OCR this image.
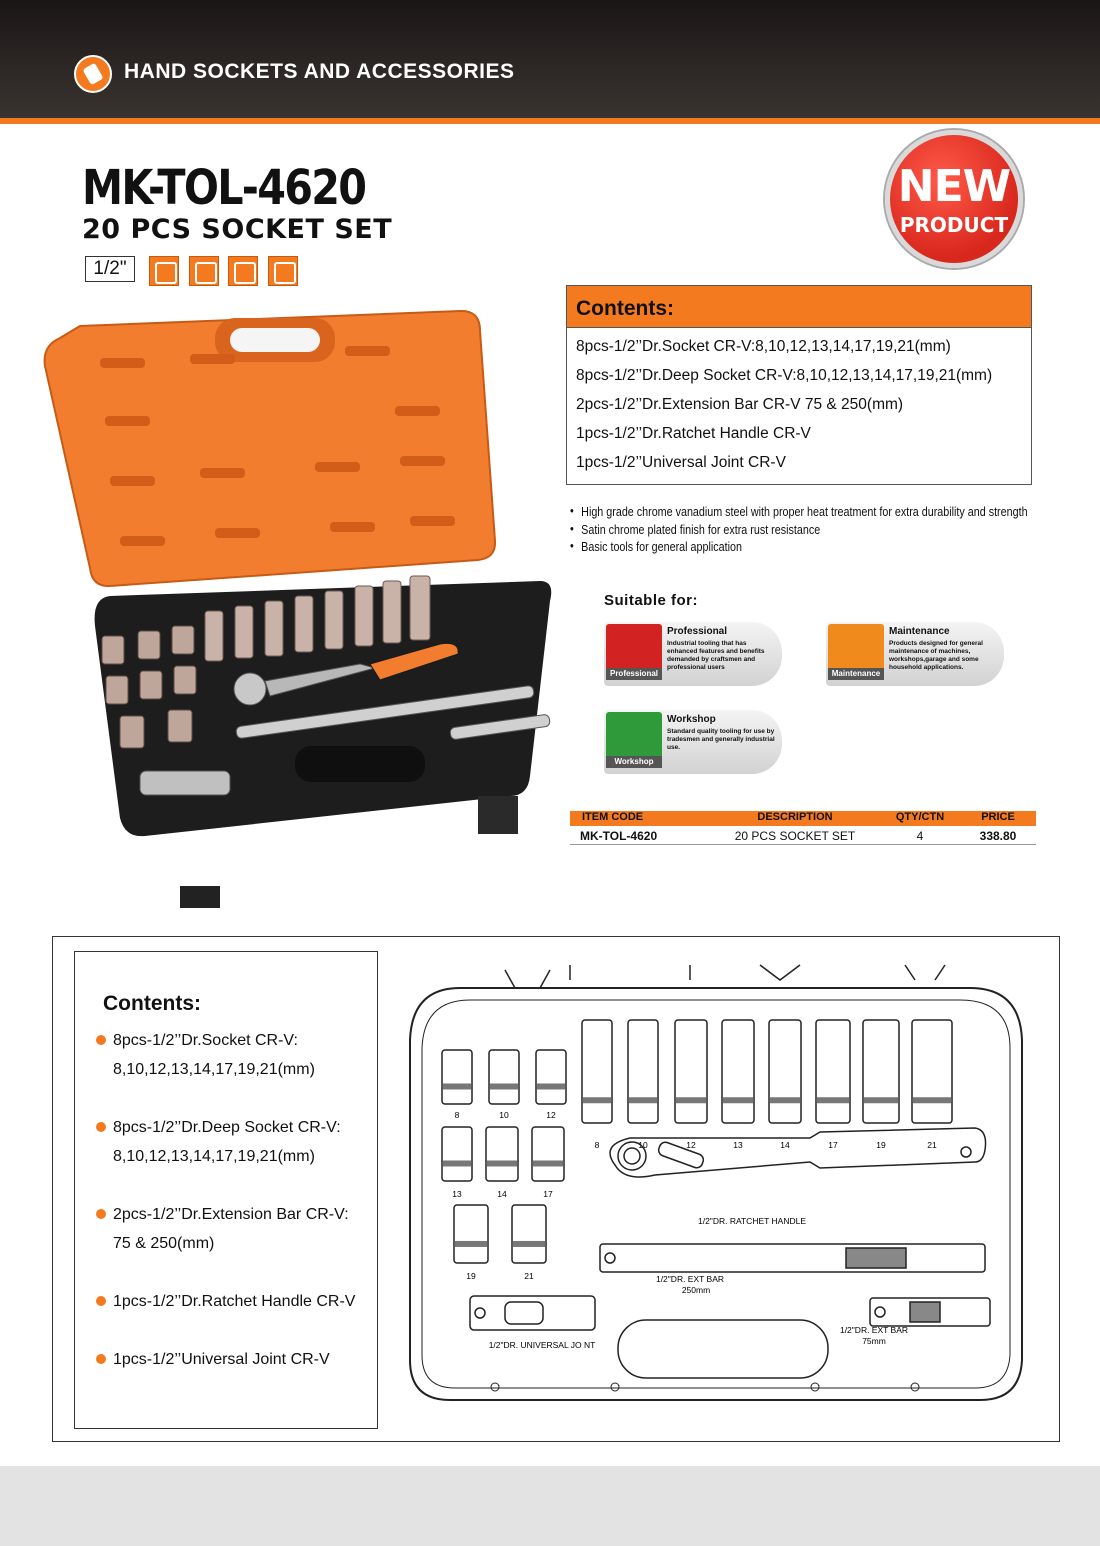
HAND SOCKETS AND ACCESSORIES
MK-TOL-4620
20 PCS SOCKET SET
1/2"
NEW
PRODUCT
Contents:
8pcs-1/2’’Dr.Socket CR-V:8,10,12,13,14,17,19,21(mm)
8pcs-1/2’’Dr.Deep Socket CR-V:8,10,12,13,14,17,19,21(mm)
2pcs-1/2’’Dr.Extension Bar CR-V 75 & 250(mm)
1pcs-1/2’’Dr.Ratchet Handle CR-V
1pcs-1/2’’Universal Joint CR-V
• High grade chrome vanadium steel with proper heat treatment for extra durability and strength
• Satin chrome plated finish for extra rust resistance
• Basic tools for general application
Suitable for:
Professional
Professional
Industrial tooling that has enhanced features and benefits demanded by craftsmen and professional users
Maintenance
Maintenance
Products designed for general maintenance of machines, workshops,garage and some household applications.
Workshop
Workshop
Standard quality tooling for use by tradesmen and generally industrial use.
ITEM CODE	DESCRIPTION	QTY/CTN	PRICE
MK-TOL-4620	20 PCS SOCKET SET	4	338.80
Contents:
8pcs-1/2’’Dr.Socket CR-V:
8,10,12,13,14,17,19,21(mm)
8pcs-1/2’’Dr.Deep Socket CR-V:
8,10,12,13,14,17,19,21(mm)
2pcs-1/2’’Dr.Extension Bar CR-V:
75 & 250(mm)
1pcs-1/2’’Dr.Ratchet Handle CR-V
1pcs-1/2’’Universal Joint CR-V
8	10	12
13	14	17
19	21
8	10	12	13	14	17	19	21
1/2"DR. RATCHET HANDLE
1/2"DR. EXT BAR
250mm
1/2"DR. EXT BAR
75mm
1/2"DR. UNIVERSAL JO NT
